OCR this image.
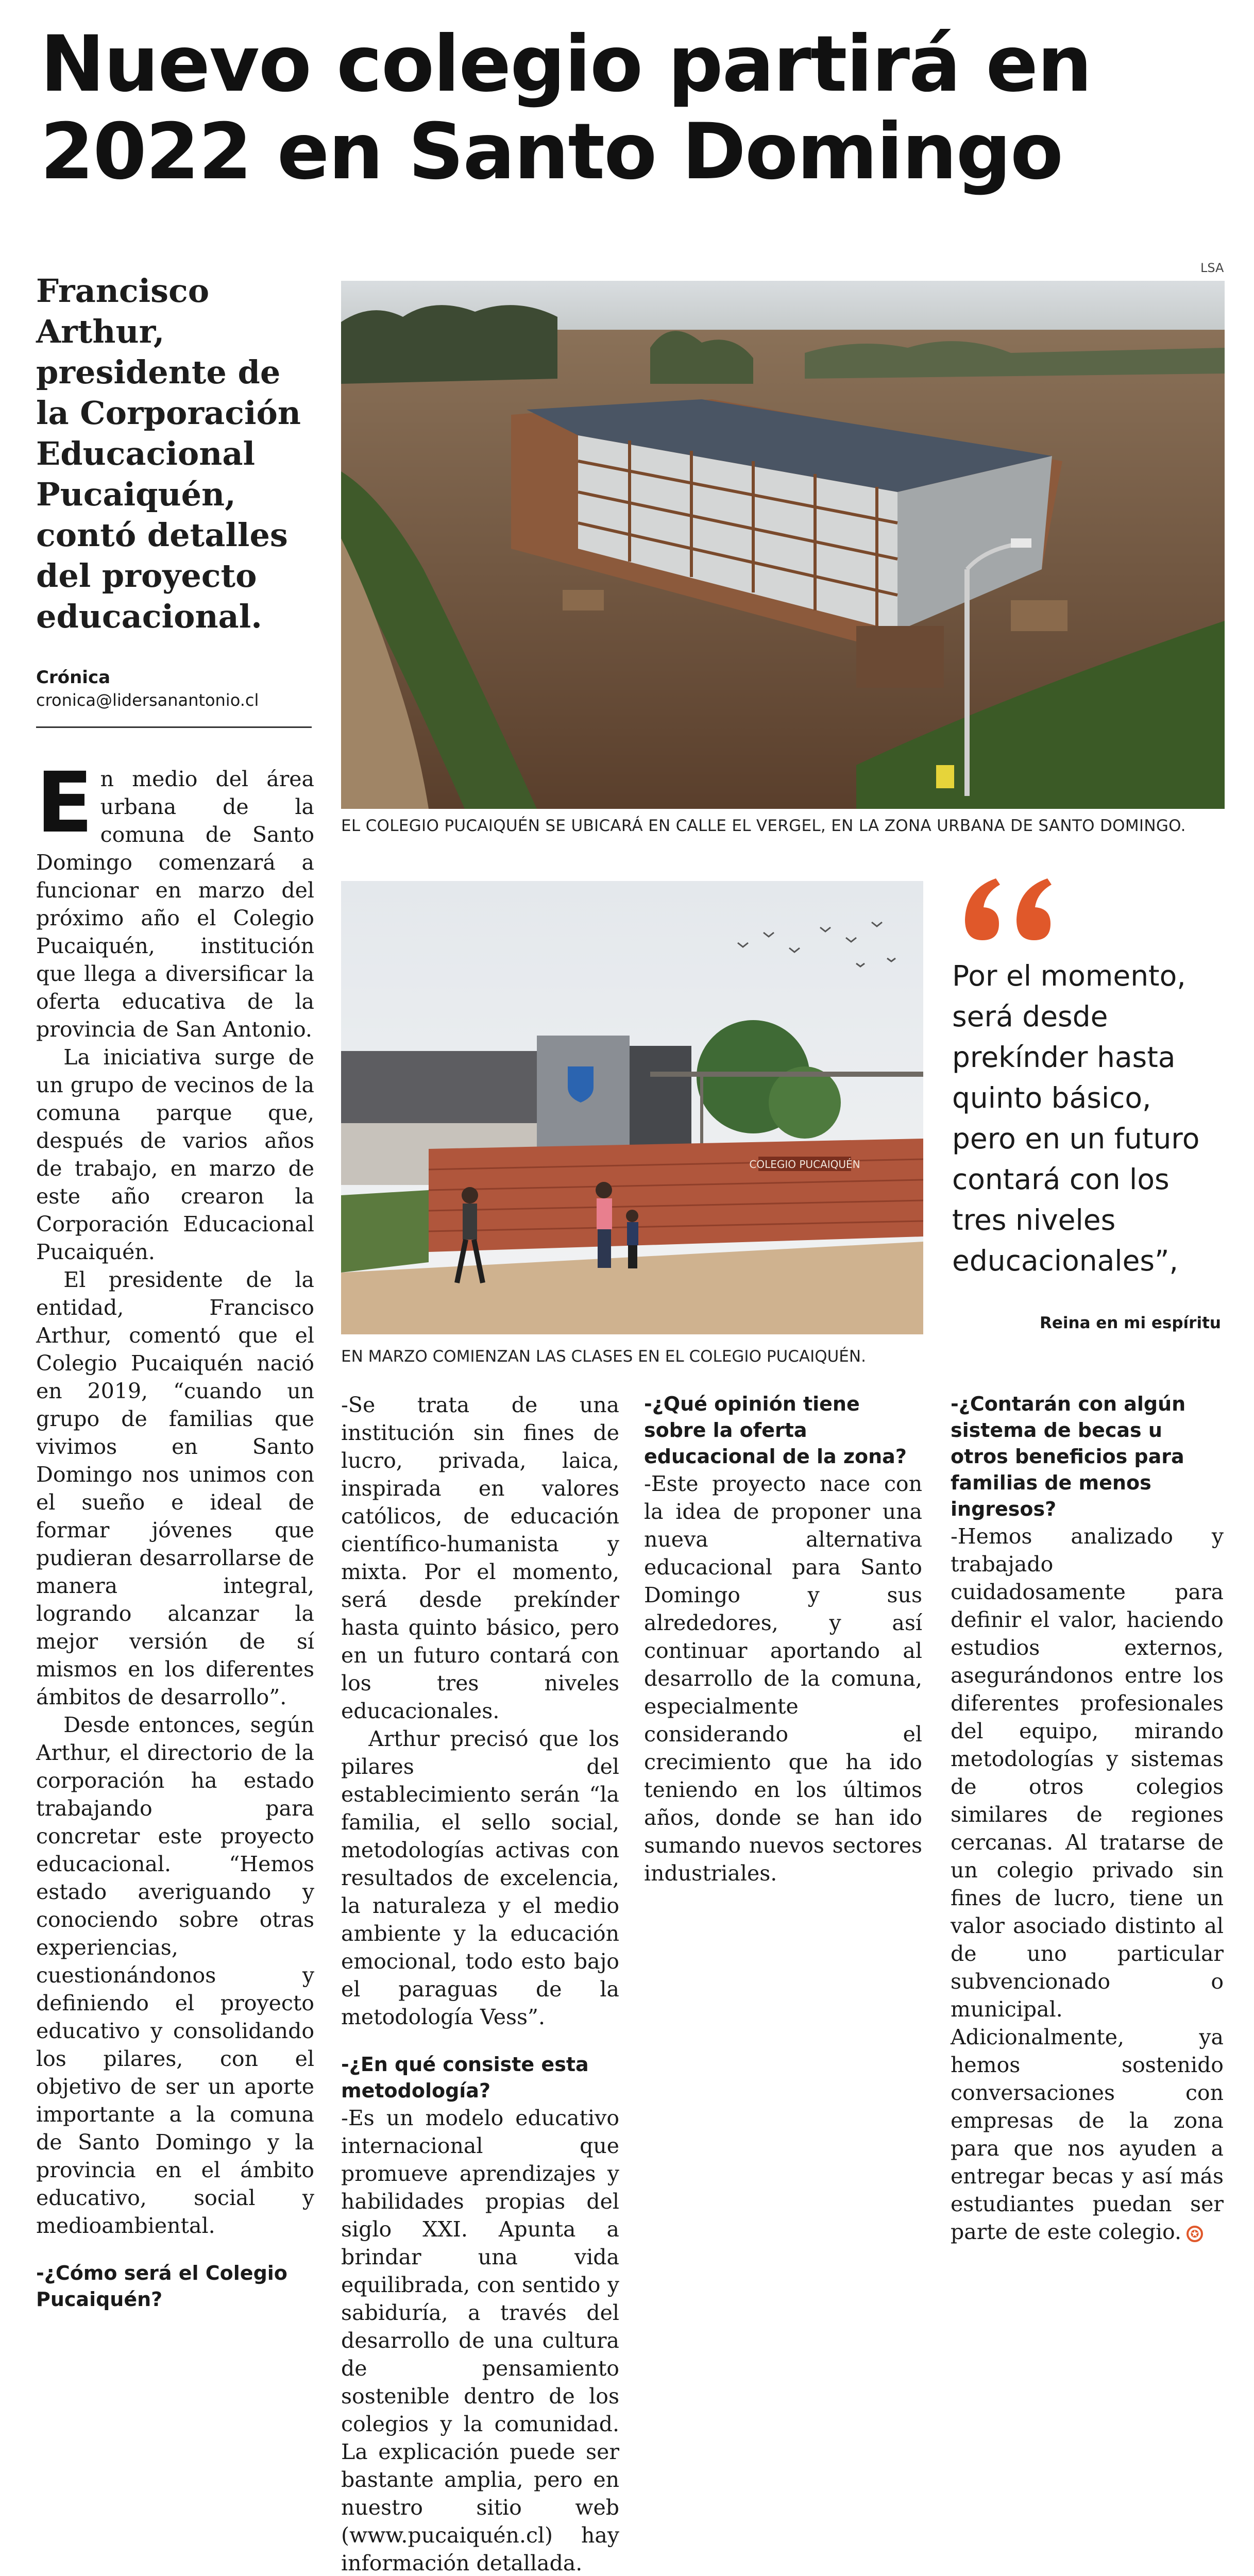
Nuevo colegio partirá en 2022 en Santo Domingo

Francisco Arthur, presidente de la Corporación Educacional Pucaiquén, contó detalles del proyecto educacional.

Crónica
cronica@lidersanantonio.cl
LSA
EL COLEGIO PUCAIQUÉN SE UBICARÁ EN CALLE EL VERGEL, EN LA ZONA URBANA DE SANTO DOMINGO.
COLEGIO PUCAIQUÉN
EN MARZO COMIENZAN LAS CLASES EN EL COLEGIO PUCAIQUÉN.

Por el momento, será desde prekínder hasta quinto básico, pero en un futuro contará con los tres niveles educacionales”,

Reina en mi espíritu

En medio del área urbana de la comuna de Santo Domingo comenzará a funcionar en marzo del próximo año el Colegio Pucaiquén, institución que llega a diversificar la oferta educativa de la provincia de San Antonio.

La iniciativa surge de un grupo de vecinos de la comuna parque que, después de varios años de trabajo, en marzo de este año crearon la Corporación Educacional Pucaiquén.

El presidente de la entidad, Francisco Arthur, comentó que el Colegio Pucaiquén nació en 2019, “cuando un grupo de familias que vivimos en Santo Domingo nos unimos con el sueño e ideal de formar jóvenes que pudieran desarrollarse de manera integral, logrando alcanzar la mejor versión de sí mismos en los diferentes ámbitos de desarrollo”.

Desde entonces, según Arthur, el directorio de la corporación ha estado trabajando para concretar este proyecto educacional. “Hemos estado averiguando y conociendo sobre otras experiencias, cuestionándonos y definiendo el proyecto educativo y consolidando los pilares, con el objetivo de ser un aporte importante a la comuna de Santo Domingo y la provincia en el ámbito educativo, social y medioambiental.

-¿Cómo será el Colegio Pucaiquén?

-Se trata de una institución sin fines de lucro, privada, laica, inspirada en valores católicos, de educación científico-humanista y mixta. Por el momento, será desde prekínder hasta quinto básico, pero en un futuro contará con los tres niveles educacionales.

Arthur precisó que los pilares del establecimiento serán “la familia, el sello social, metodologías activas con resultados de excelencia, la naturaleza y el medio ambiente y la educación emocional, todo esto bajo el paraguas de la metodología Vess”.

-¿En qué consiste esta metodología?

-Es un modelo educativo internacional que promueve aprendizajes y habilidades propias del siglo XXI. Apunta a brindar una vida equilibrada, con sentido y sabiduría, a través del desarrollo de una cultura de pensamiento sostenible dentro de los colegios y la comunidad. La explicación puede ser bastante amplia, pero en nuestro sitio web (www.pucaiquén.cl) hay información detallada.

-¿Qué opinión tiene sobre la oferta educacional de la zona?

-Este proyecto nace con la idea de proponer una nueva alternativa educacional para Santo Domingo y sus alrededores, y así continuar aportando al desarrollo de la comuna, especialmente considerando el crecimiento que ha ido teniendo en los últimos años, donde se han ido sumando nuevos sectores industriales.

-¿Contarán con algún sistema de becas u otros beneficios para familias de menos ingresos?

-Hemos analizado y trabajado cuidadosamente para definir el valor, haciendo estudios externos, asegurándonos entre los diferentes profesionales del equipo, mirando metodologías y sistemas de otros colegios similares de regiones cercanas. Al tratarse de un colegio privado sin fines de lucro, tiene un valor asociado distinto al de uno particular subvencionado o municipal. Adicionalmente, ya hemos sostenido conversaciones con empresas de la zona para que nos ayuden a entregar becas y así más estudiantes puedan ser parte de este colegio. ✪
